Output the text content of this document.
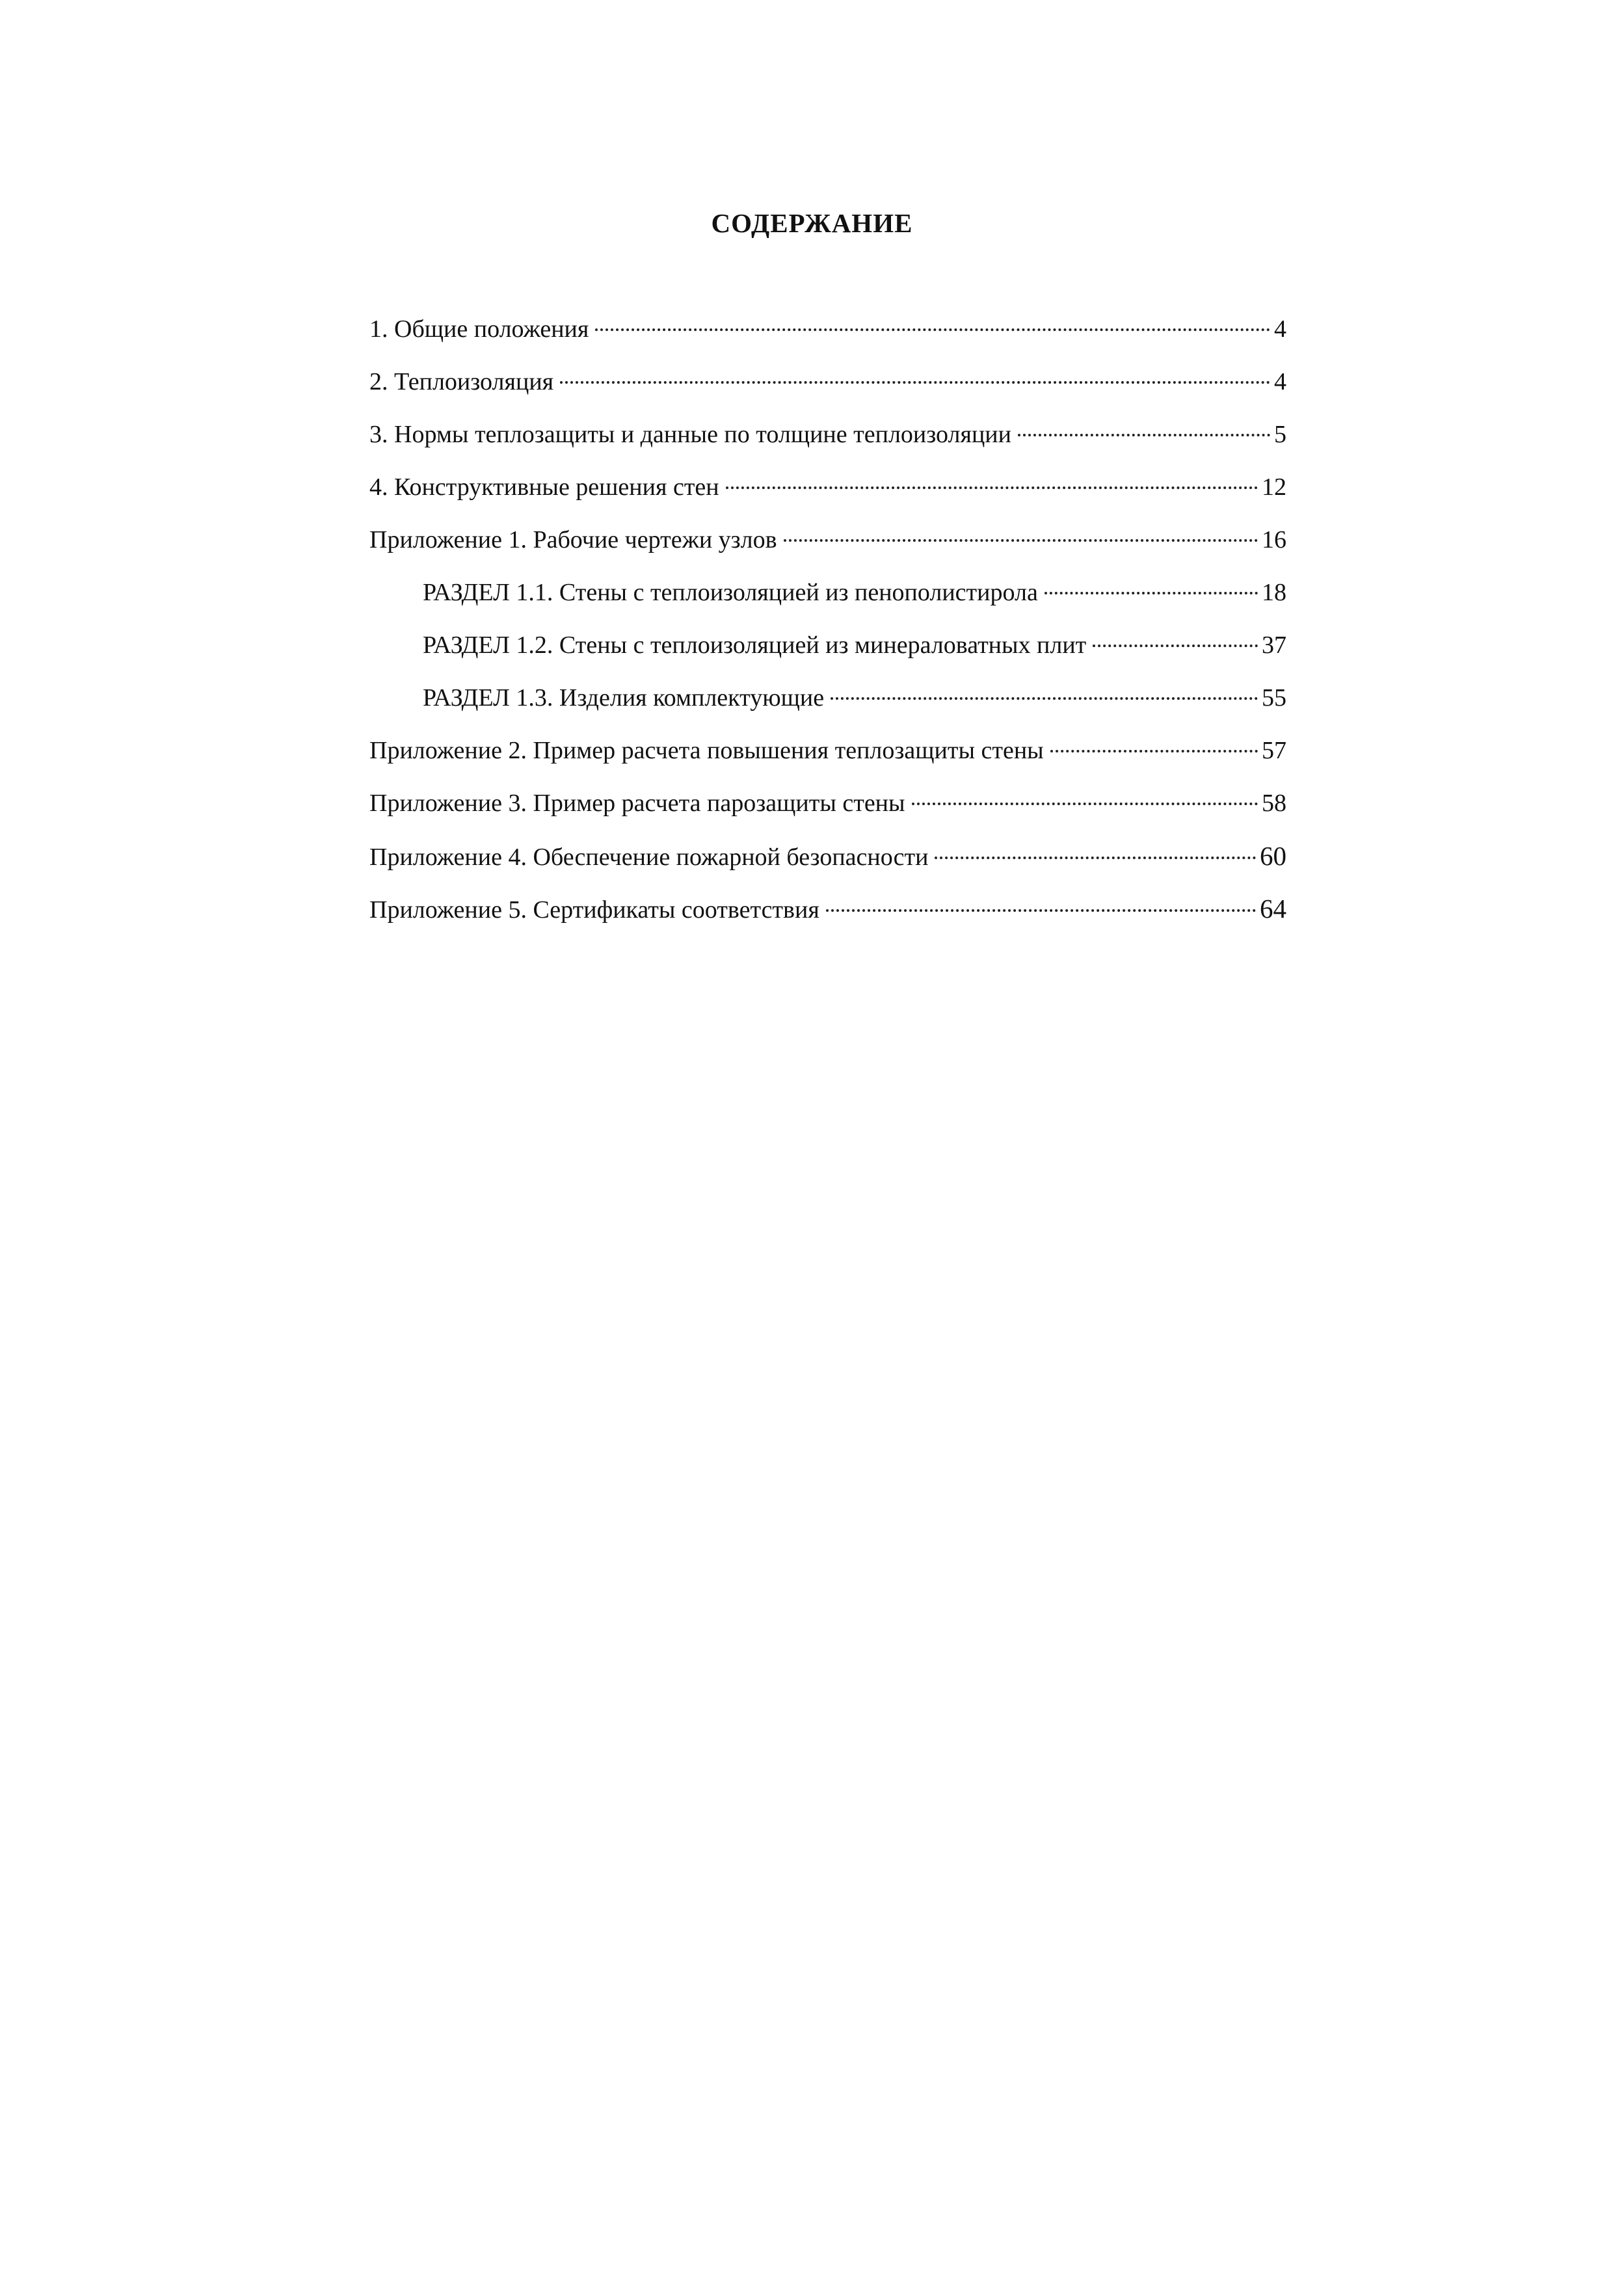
СОДЕРЖАНИЕ
1. Общие положения	4
2. Теплоизоляция	4
3. Нормы теплозащиты и данные по толщине теплоизоляции	5
4. Конструктивные решения стен	12
Приложение 1. Рабочие чертежи узлов	16
РАЗДЕЛ 1.1. Стены с теплоизоляцией из пенополистирола	18
РАЗДЕЛ 1.2. Стены с теплоизоляцией из минераловатных плит	37
РАЗДЕЛ 1.3. Изделия комплектующие	55
Приложение 2. Пример расчета повышения теплозащиты стены	57
Приложение 3. Пример расчета парозащиты стены	58
Приложение 4. Обеспечение пожарной безопасности	60
Приложение 5. Сертификаты соответствия	64
